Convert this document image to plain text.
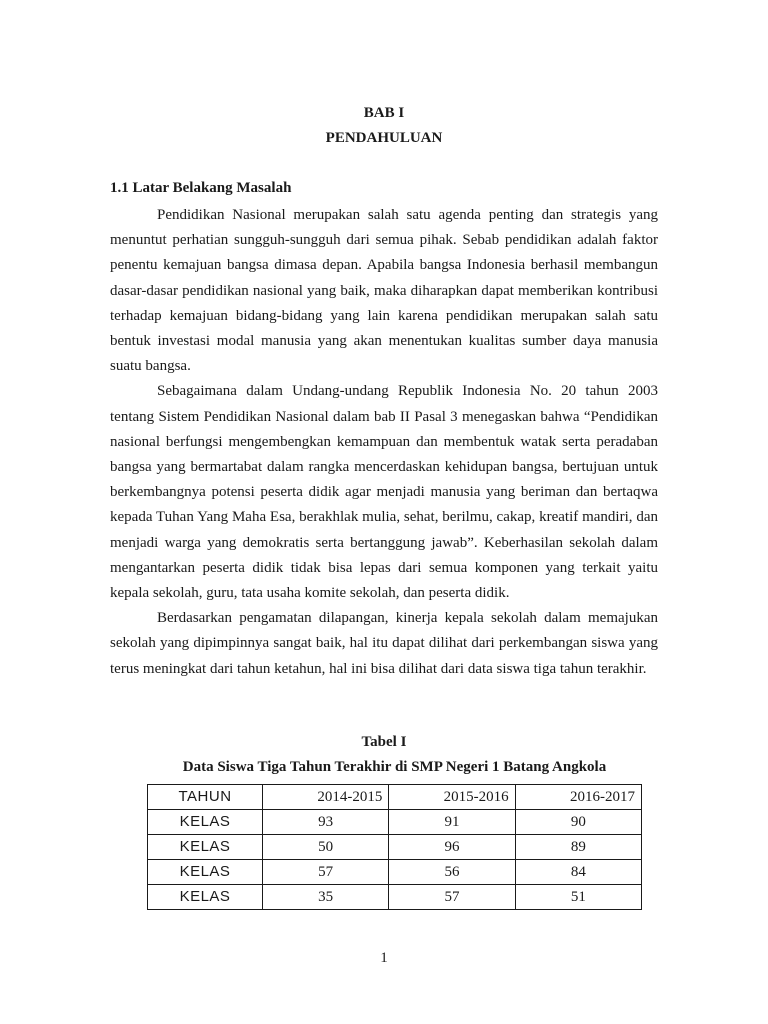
BAB I
PENDAHULUAN
1.1 Latar Belakang Masalah

Pendidikan Nasional merupakan salah satu agenda penting dan strategis yang menuntut perhatian sungguh-sungguh dari semua pihak. Sebab pendidikan adalah faktor penentu kemajuan bangsa dimasa depan. Apabila bangsa Indonesia berhasil membangun dasar-dasar pendidikan nasional yang baik, maka diharapkan dapat memberikan kontribusi terhadap kemajuan bidang-bidang yang lain karena pendidikan merupakan salah satu bentuk investasi modal manusia yang akan menentukan kualitas sumber daya manusia suatu bangsa.

Sebagaimana dalam Undang-undang Republik Indonesia No. 20 tahun 2003 tentang Sistem Pendidikan Nasional dalam bab II Pasal 3 menegaskan bahwa “Pendidikan nasional berfungsi mengembengkan kemampuan dan membentuk watak serta peradaban bangsa yang bermartabat dalam rangka mencerdaskan kehidupan bangsa, bertujuan untuk berkembangnya potensi peserta didik agar menjadi manusia yang beriman dan bertaqwa kepada Tuhan Yang Maha Esa, berakhlak mulia, sehat, berilmu, cakap, kreatif mandiri, dan menjadi warga yang demokratis serta bertanggung jawab”. Keberhasilan sekolah dalam mengantarkan peserta didik tidak bisa lepas dari semua komponen yang terkait yaitu kepala sekolah, guru, tata usaha komite sekolah, dan peserta didik.

Berdasarkan pengamatan dilapangan, kinerja kepala sekolah dalam memajukan sekolah yang dipimpinnya sangat baik, hal itu dapat dilihat dari perkembangan siswa yang terus meningkat dari tahun ketahun, hal ini bisa dilihat dari data siswa tiga tahun terakhir.

Tabel I
Data Siswa Tiga Tahun Terakhir di SMP Negeri 1 Batang Angkola
TAHUN	2014-2015	2015-2016	2016-2017
KELAS	93	91	90
KELAS	50	96	89
KELAS	57	56	84
KELAS	35	57	51
1
